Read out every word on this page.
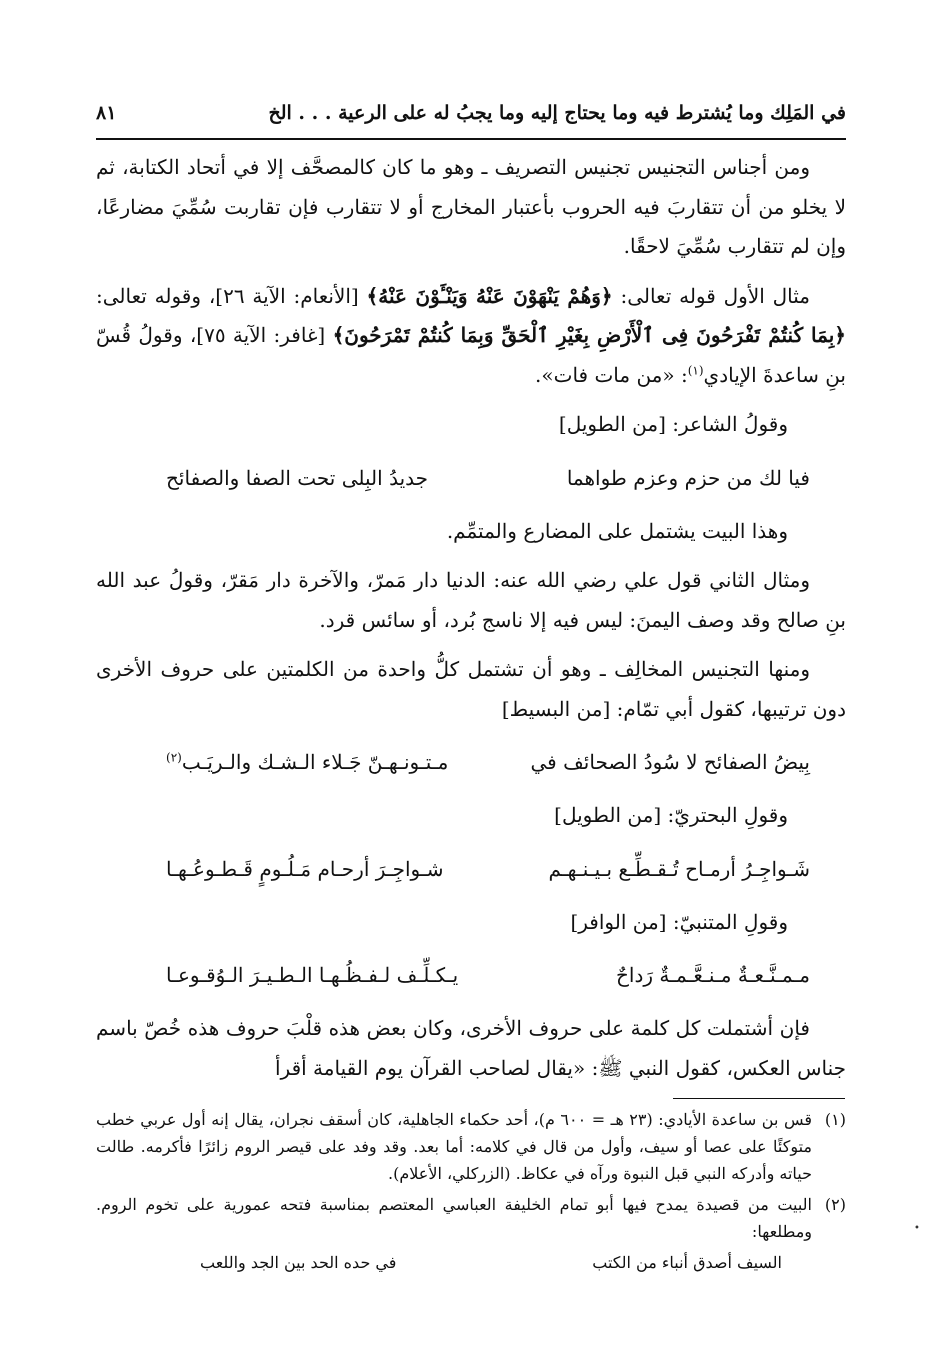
في المَلِك وما يُشترط فيه وما يحتاج إليه وما يجبُ له على الرعية . . . الخ
٨١

ومن أجناس التجنيس تجنيس التصريف ـ وهو ما كان كالمصحَّف إلا في أتحاد الكتابة، ثم لا يخلو من أن تتقاربَ فيه الحروب بأعتبار المخارج أو لا تتقارب فإن تقاربت سُمِّيَ مضارعًا، وإن لم تتقارب سُمِّيَ لاحقًا.

مثال الأول قوله تعالى: ﴿وَهُمْ يَنْهَوْنَ عَنْهُ وَيَنْـَٔوْنَ عَنْهُ﴾ [الأنعام: الآية ٢٦]، وقوله تعالى: ﴿بِمَا كُنتُمْ تَفْرَحُونَ فِى ٱلْأَرْضِ بِغَيْرِ ٱلْحَقِّ وَبِمَا كُنتُمْ تَمْرَحُونَ﴾ [غافر: الآية ٧٥]، وقولُ قُسّ بنِ ساعدةَ الإيادي$^{(١)}$: «من مات فات».

وقولُ الشاعر: [من الطويل]

فيا لك من حزم وعزم طواهما
جديدُ البِلى تحت الصفا والصفائح

وهذا البيت يشتمل على المضارع والمتمِّم.

ومثال الثاني قول علي رضي الله عنه: الدنيا دار مَمرّ، والآخرة دار مَقرّ، وقولُ عبد الله بنِ صالح وقد وصف اليمنَ: ليس فيه إلا ناسج بُرد، أو سائس قرد.

ومنها التجنيس المخالِف ـ وهو أن تشتمل كلُّ واحدة من الكلمتين على حروف الأخرى دون ترتيبها، كقول أبي تمّام: [من البسيط]

بِيضُ الصفائح لا سُودُ الصحائف في
مـتـونـهـنّ جَـلاء الـشـك والـريَـب$^{(٢)}$

وقولِ البحتريّ: [من الطويل]

شَـواجِـرُ أرمـاح تُـقـطِّـع بـيـنـهـم
شـواجِـرَ أرحـام مَـلُـومٍ قَـطـوعُـهـا

وقولِ المتنبيّ: [من الوافر]

مـمـنَّـعـةٌ مـنـعَّـمـةٌ رَداحٌ
يـكـلِّـف لـفـظُـهـا الـطـيـرَ الـوُقـوعـا

فإن أشتملت كل كلمة على حروف الأخرى، وكان بعض هذه قلْبَ حروف هذه خُصّ باسم جناس العكس، كقول النبي ﷺ: «يقال لصاحب القرآن يوم القيامة أقرأ

(١)
قس بن ساعدة الأيادي: (٢٣ هـ = ٦٠٠ م)، أحد حكماء الجاهلية، كان أسقف نجران، يقال إنه أول عربي خطب متوكئًا على عصا أو سيف، وأول من قال في كلامه: أما بعد. وقد وفد على قيصر الروم زائرًا فأكرمه. طالت حياته وأدركه النبي قبل النبوة ورآه في عكاظ. (الزركلي، الأعلام).
(٢)
البيت من قصيدة يمدح فيها أبو تمام الخليفة العباسي المعتصم بمناسبة فتحه عمورية على تخوم الروم. ومطلعها:
السيف أصدق أنباء من الكتب
في حده الحد بين الجد واللعب
•
